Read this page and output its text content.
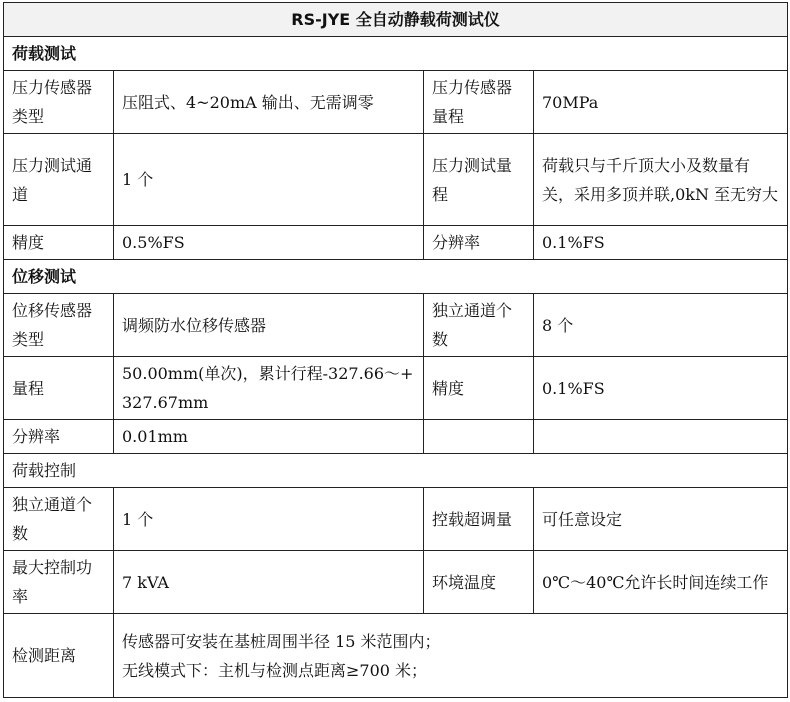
RS-JYE 全自动静载荷测试仪			
荷载测试			
压力传感器类型	压阻式、4~20mA 输出、无需调零	压力传感器量程	70MPa
压力测试通道	1 个	压力测试量程	荷载只与千斤顶大小及数量有关，采用多顶并联,0kN 至无穷大
精度	0.5%FS	分辨率	0.1%FS
位移测试			
位移传感器类型	调频防水位移传感器	独立通道个数	8 个
量程	50.00mm(单次)，累计行程-327.66～+327.67mm	精度	0.1%FS
分辨率	0.01mm		
荷载控制			
独立通道个数	1 个	控载超调量	可任意设定
最大控制功率	7 kVA	环境温度	0℃～40℃允许长时间连续工作
检测距离	传感器可安装在基桩周围半径 15 米范围内；
无线模式下：主机与检测点距离≥700 米；		
